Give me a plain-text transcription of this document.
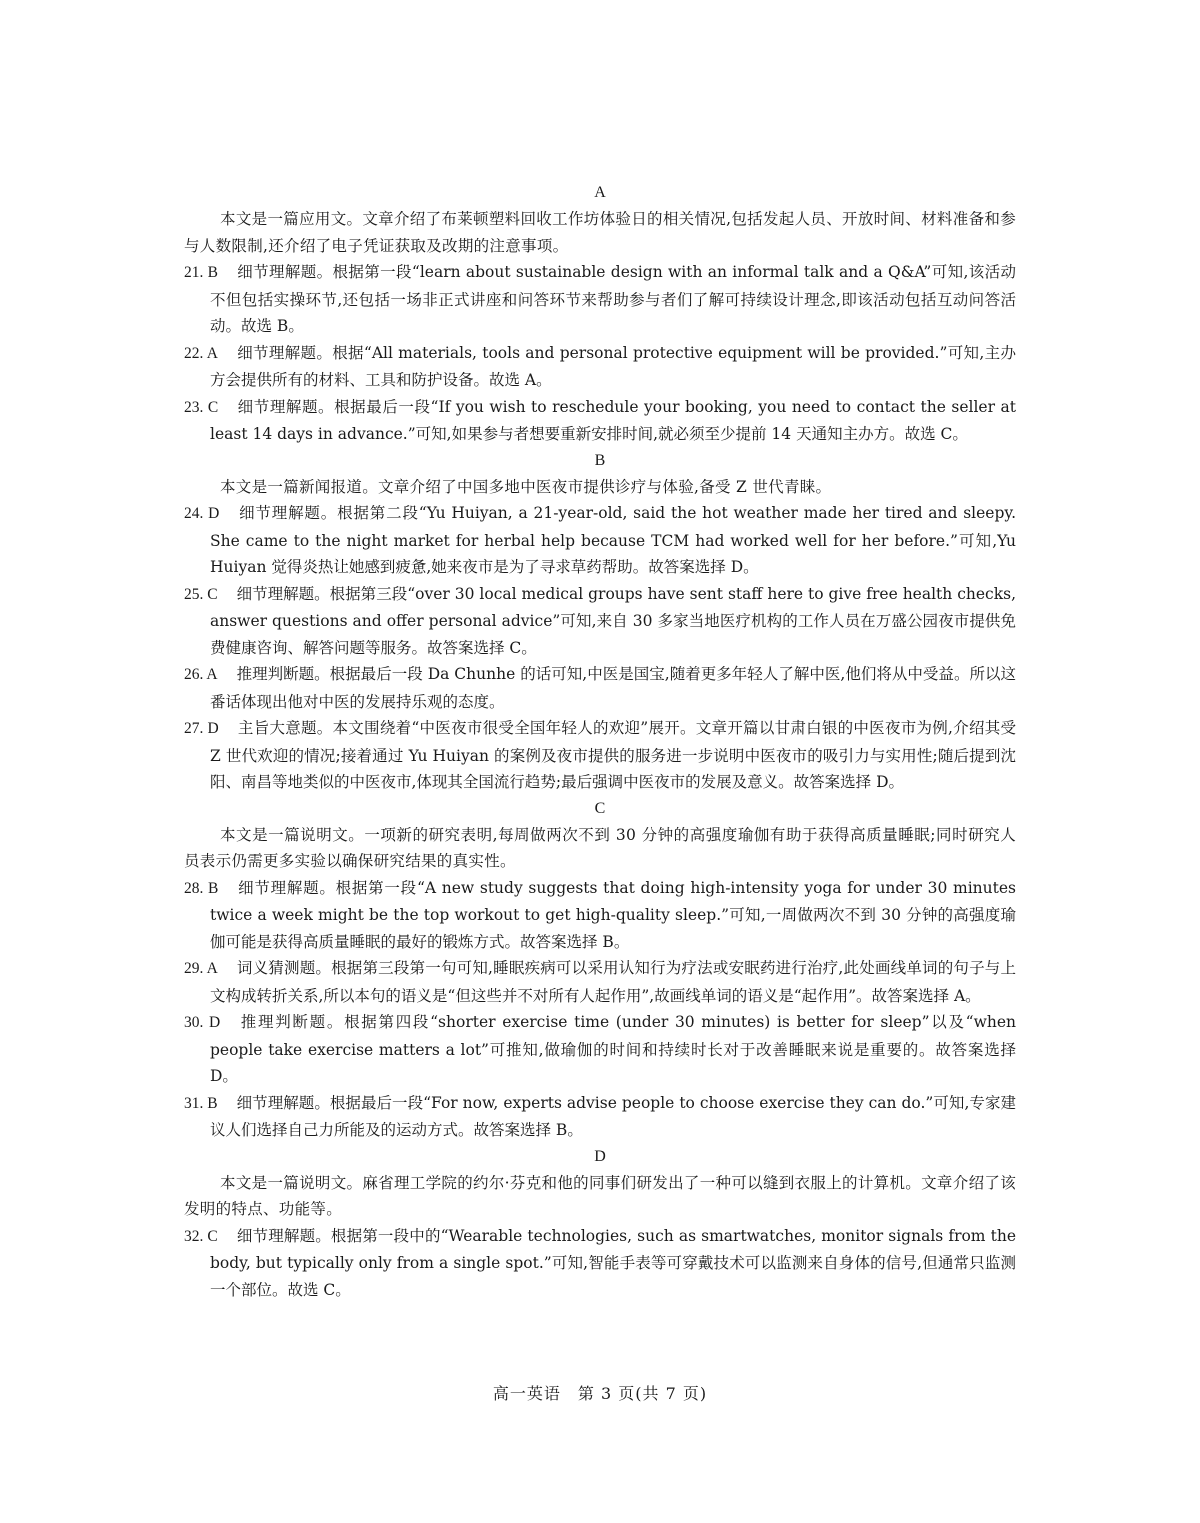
A

本文是一篇应用文。文章介绍了布莱顿塑料回收工作坊体验日的相关情况,包括发起人员、开放时间、材料准备和参与人数限制,还介绍了电子凭证获取及改期的注意事项。

21. B 细节理解题。根据第一段“learn about sustainable design with an informal talk and a Q&A”可知,该活动不但包括实操环节,还包括一场非正式讲座和问答环节来帮助参与者们了解可持续设计理念,即该活动包括互动问答活动。故选 B。
22. A 细节理解题。根据“All materials, tools and personal protective equipment will be provided.”可知,主办方会提供所有的材料、工具和防护设备。故选 A。
23. C 细节理解题。根据最后一段“If you wish to reschedule your booking, you need to contact the seller at least 14 days in advance.”可知,如果参与者想要重新安排时间,就必须至少提前 14 天通知主办方。故选 C。

B

本文是一篇新闻报道。文章介绍了中国多地中医夜市提供诊疗与体验,备受 Z 世代青睐。

24. D 细节理解题。根据第二段“Yu Huiyan, a 21-year-old, said the hot weather made her tired and sleepy. She came to the night market for herbal help because TCM had worked well for her before.”可知,Yu Huiyan 觉得炎热让她感到疲惫,她来夜市是为了寻求草药帮助。故答案选择 D。
25. C 细节理解题。根据第三段“over 30 local medical groups have sent staff here to give free health checks, answer questions and offer personal advice”可知,来自 30 多家当地医疗机构的工作人员在万盛公园夜市提供免费健康咨询、解答问题等服务。故答案选择 C。
26. A 推理判断题。根据最后一段 Da Chunhe 的话可知,中医是国宝,随着更多年轻人了解中医,他们将从中受益。所以这番话体现出他对中医的发展持乐观的态度。
27. D 主旨大意题。本文围绕着“中医夜市很受全国年轻人的欢迎”展开。文章开篇以甘肃白银的中医夜市为例,介绍其受 Z 世代欢迎的情况;接着通过 Yu Huiyan 的案例及夜市提供的服务进一步说明中医夜市的吸引力与实用性;随后提到沈阳、南昌等地类似的中医夜市,体现其全国流行趋势;最后强调中医夜市的发展及意义。故答案选择 D。

C

本文是一篇说明文。一项新的研究表明,每周做两次不到 30 分钟的高强度瑜伽有助于获得高质量睡眠;同时研究人员表示仍需更多实验以确保研究结果的真实性。

28. B 细节理解题。根据第一段“A new study suggests that doing high-intensity yoga for under 30 minutes twice a week might be the top workout to get high-quality sleep.”可知,一周做两次不到 30 分钟的高强度瑜伽可能是获得高质量睡眠的最好的锻炼方式。故答案选择 B。
29. A 词义猜测题。根据第三段第一句可知,睡眠疾病可以采用认知行为疗法或安眠药进行治疗,此处画线单词的句子与上文构成转折关系,所以本句的语义是“但这些并不对所有人起作用”,故画线单词的语义是“起作用”。故答案选择 A。
30. D 推理判断题。根据第四段“shorter exercise time (under 30 minutes) is better for sleep”以及“when people take exercise matters a lot”可推知,做瑜伽的时间和持续时长对于改善睡眠来说是重要的。故答案选择 D。
31. B 细节理解题。根据最后一段“For now, experts advise people to choose exercise they can do.”可知,专家建议人们选择自己力所能及的运动方式。故答案选择 B。

D

本文是一篇说明文。麻省理工学院的约尔·芬克和他的同事们研发出了一种可以缝到衣服上的计算机。文章介绍了该发明的特点、功能等。

32. C 细节理解题。根据第一段中的“Wearable technologies, such as smartwatches, monitor signals from the body, but typically only from a single spot.”可知,智能手表等可穿戴技术可以监测来自身体的信号,但通常只监测一个部位。故选 C。
高一英语　第 3 页(共 7 页)
